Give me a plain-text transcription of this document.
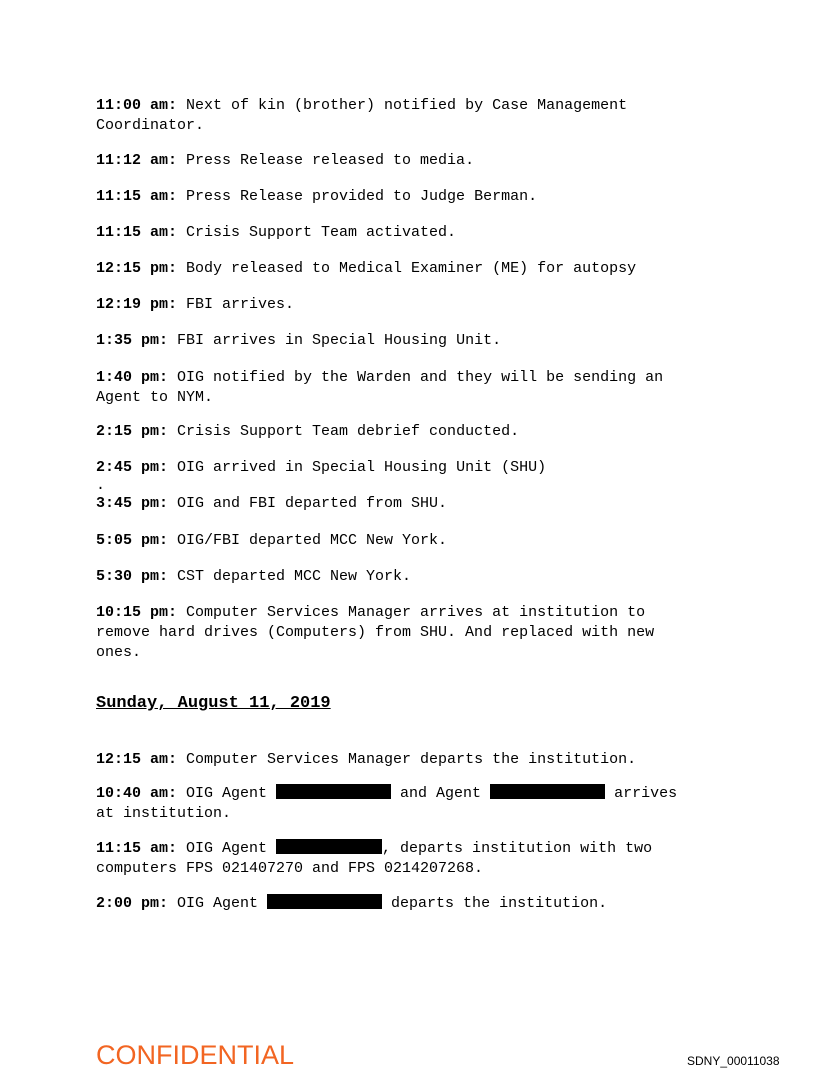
11:00 am: Next of kin (brother) notified by Case Management
Coordinator.
11:12 am: Press Release released to media.
11:15 am: Press Release provided to Judge Berman.
11:15 am: Crisis Support Team activated.
12:15 pm: Body released to Medical Examiner (ME) for autopsy
12:19 pm: FBI arrives.
1:35 pm: FBI arrives in Special Housing Unit.
1:40 pm: OIG notified by the Warden and they will be sending an
Agent to NYM.
2:15 pm: Crisis Support Team debrief conducted.
2:45 pm: OIG arrived in Special Housing Unit (SHU)
.
3:45 pm: OIG and FBI departed from SHU.
5:05 pm: OIG/FBI departed MCC New York.
5:30 pm: CST departed MCC New York.
10:15 pm: Computer Services Manager arrives at institution to
remove hard drives (Computers) from SHU. And replaced with new
ones.
Sunday, August 11, 2019
12:15 am: Computer Services Manager departs the institution.
10:40 am: OIG Agent	and Agent	arrives
at institution.
11:15 am: OIG Agent	, departs institution with two
computers FPS 021407270 and FPS 0214207268.
2:00 pm: OIG Agent	departs the institution.
CONFIDENTIAL	SDNY_00011038
